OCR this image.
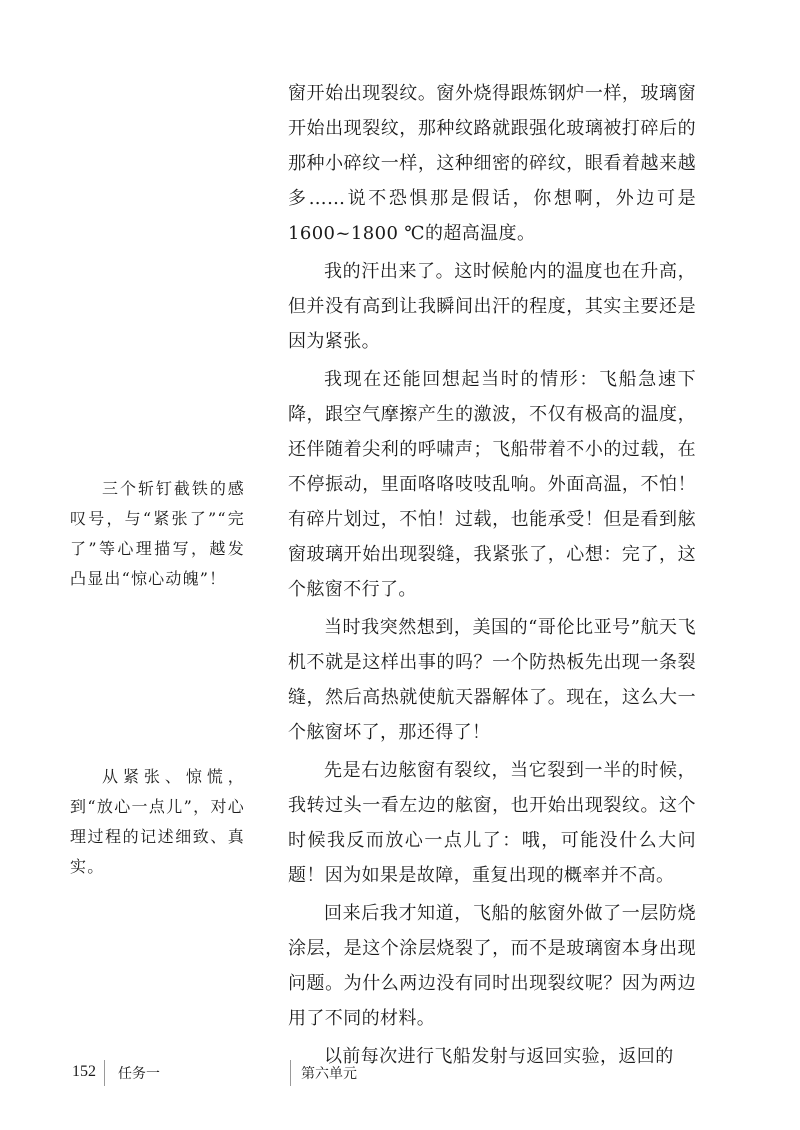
窗开始出现裂纹。窗外烧得跟炼钢炉一样，玻璃窗开始出现裂纹，那种纹路就跟强化玻璃被打碎后的那种小碎纹一样，这种细密的碎纹，眼看着越来越多……说不恐惧那是假话，你想啊，外边可是1600~1800 ℃的超高温度。

我的汗出来了。这时候舱内的温度也在升高，但并没有高到让我瞬间出汗的程度，其实主要还是因为紧张。

我现在还能回想起当时的情形：飞船急速下降，跟空气摩擦产生的激波，不仅有极高的温度，还伴随着尖利的呼啸声；飞船带着不小的过载，在不停振动，里面咯咯吱吱乱响。外面高温，不怕！有碎片划过，不怕！过载，也能承受！但是看到舷窗玻璃开始出现裂缝，我紧张了，心想：完了，这个舷窗不行了。

当时我突然想到，美国的“哥伦比亚号”航天飞机不就是这样出事的吗？一个防热板先出现一条裂缝，然后高热就使航天器解体了。现在，这么大一个舷窗坏了，那还得了！

先是右边舷窗有裂纹，当它裂到一半的时候，我转过头一看左边的舷窗，也开始出现裂纹。这个时候我反而放心一点儿了：哦，可能没什么大问题！因为如果是故障，重复出现的概率并不高。

回来后我才知道，飞船的舷窗外做了一层防烧涂层，是这个涂层烧裂了，而不是玻璃窗本身出现问题。为什么两边没有同时出现裂纹呢？因为两边用了不同的材料。

以前每次进行飞船发射与返回实验，返回的

三个斩钉截铁的感叹号，与“紧张了”“完了”等心理描写，越发凸显出“惊心动魄”！
从紧张、惊慌，到“放心一点儿”，对心理过程的记述细致、真实。
152 任务一	第六单元
